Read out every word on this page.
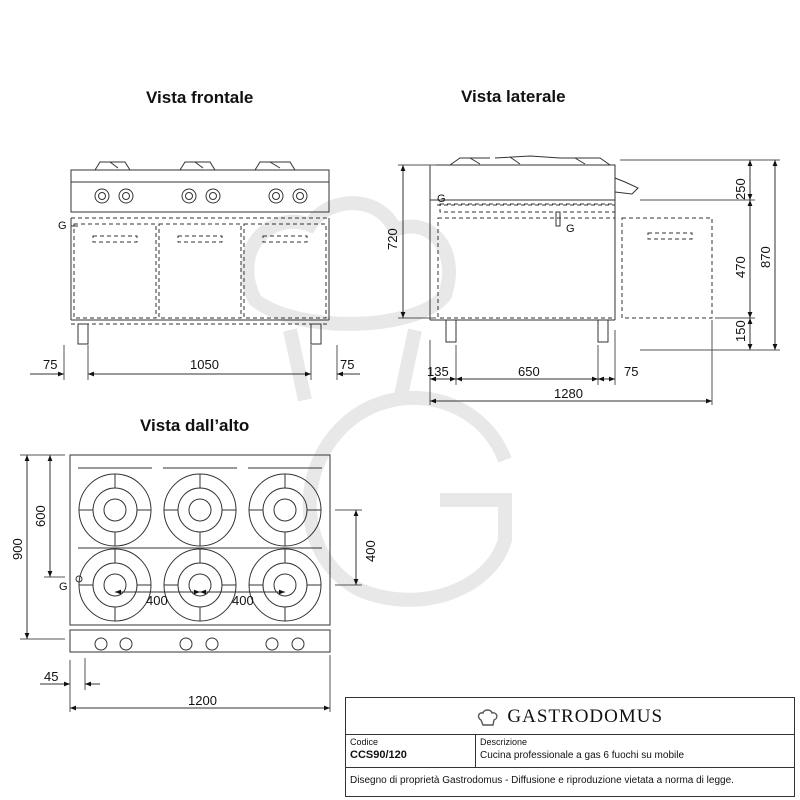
Vista frontale	Vista laterale
Vista dall’alto
75	1050	75
G
720
G
G
135	650	75
1280
250
470
150
870
900
600
400
400	400
45
1200
G
GASTRODOMUS
Codice
CCS90/120
Descrizione
Cucina professionale a gas 6 fuochi su mobile
Disegno di proprietà Gastrodomus - Diffusione e riproduzione vietata a norma di legge.
